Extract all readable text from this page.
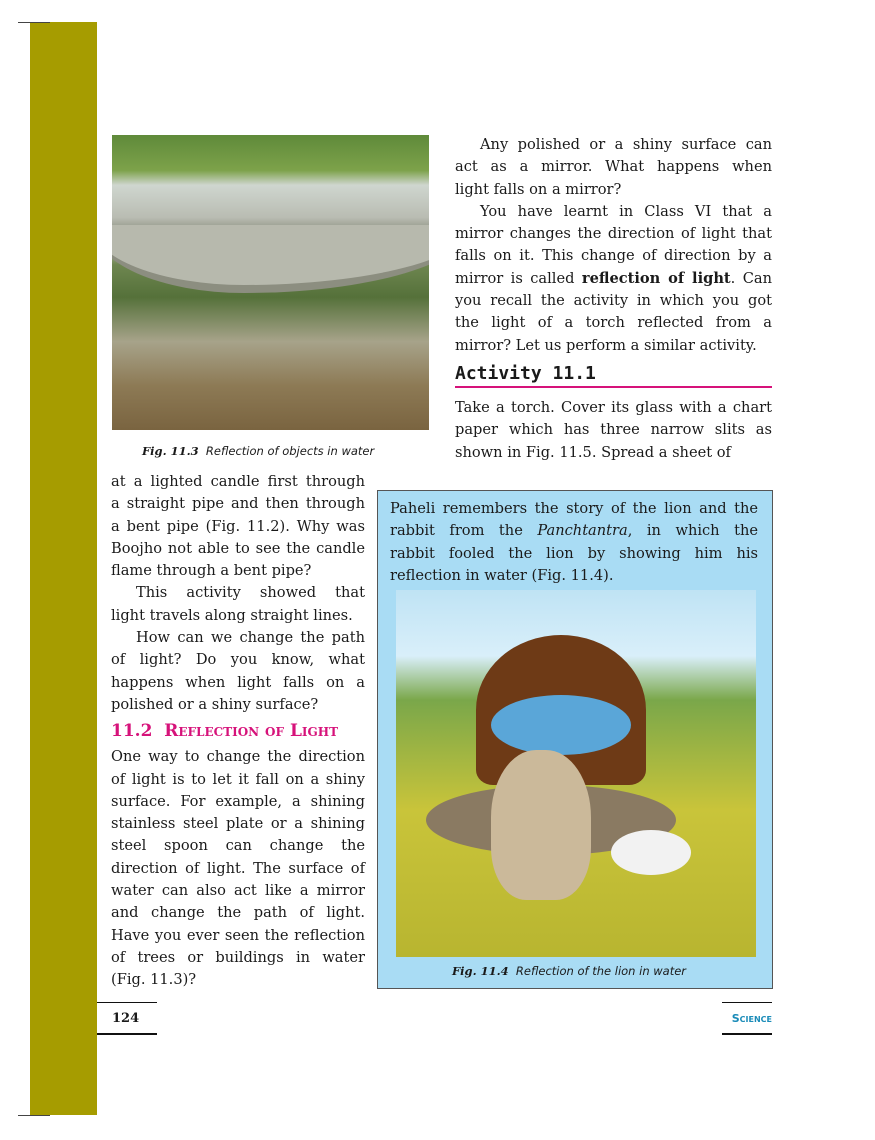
Fig. 11.3 Reflection of objects in water
Any polished or a shiny surface can
act as a mirror. What happens when
light falls on a mirror?
You have learnt in Class VI that a
mirror changes the direction of light that
falls on it. This change of direction by a
mirror is called reflection of light. Can
you recall the activity in which you got
the light of a torch reflected from a
mirror? Let us perform a similar activity.
Activity 11.1
Take a torch. Cover its glass with a chart
paper which has three narrow slits as
shown in Fig. 11.5. Spread a sheet of
at a lighted candle first through
a straight pipe and then through
a bent pipe (Fig. 11.2). Why was
Boojho not able to see the candle
flame through a bent pipe?
This activity showed that
light travels along straight lines.
How can we change the path
of light? Do you know, what
happens when light falls on a
polished or a shiny surface?
11.2 Reflection of Light
One way to change the direction
of light is to let it fall on a shiny
surface. For example, a shining
stainless steel plate or a shining
steel spoon can change the
direction of light. The surface of
water can also act like a mirror
and change the path of light.
Have you ever seen the reflection
of trees or buildings in water
(Fig. 11.3)?
Paheli remembers the story of the lion and the
rabbit from the Panchtantra, in which the
rabbit fooled the lion by showing him his
reflection in water (Fig. 11.4).
Fig. 11.4 Reflection of the lion in water
124	Science
